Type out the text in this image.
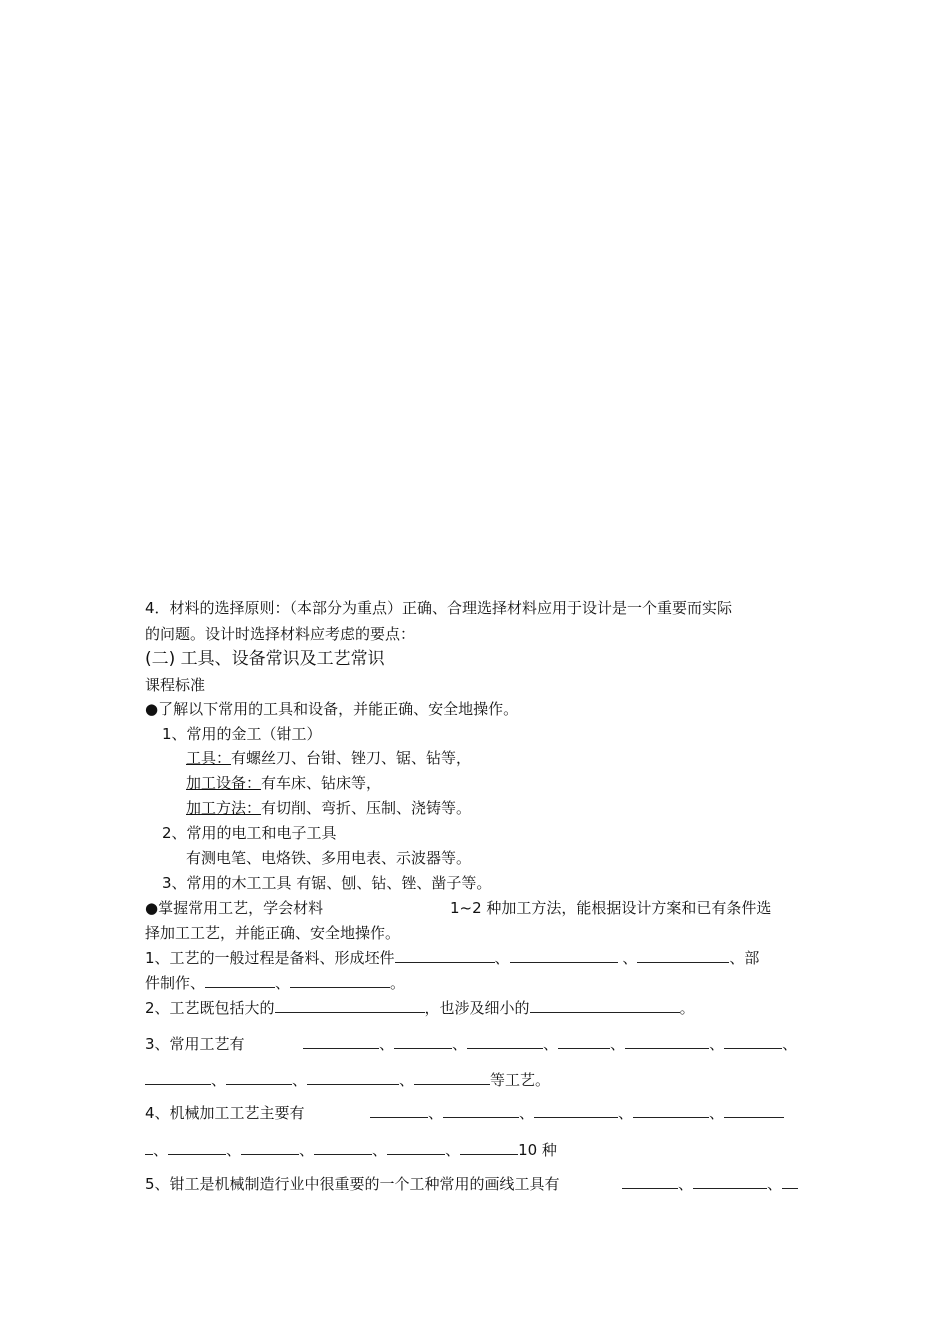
4．材料的选择原则：（本部分为重点）正确、合理选择材料应用于设计是一个重要而实际
的问题。设计时选择材料应考虑的要点：
(二) 工具、设备常识及工艺常识
课程标准
●了解以下常用的工具和设备，并能正确、安全地操作。
1、常用的金工（钳工）
工具：有螺丝刀、台钳、锉刀、锯、钻等，
加工设备：有车床、钻床等，
加工方法：有切削、弯折、压制、浇铸等。
2、常用的电工和电子工具
有测电笔、电烙铁、多用电表、示波器等。
3、常用的木工工具 有锯、刨、钻、锉、凿子等。
●掌握常用工艺，学会材料	1~2 种加工方法，能根据设计方案和已有条件选
择加工工艺，并能正确、安全地操作。
1、工艺的一般过程是备料、形成坯件	、	、	、部
件制作、	、	。
2、工艺既包括大的	，也涉及细小的	。
3、常用工艺有	、	、	、	、	、	、
、	、	、	等工艺。
4、机械加工工艺主要有	、	、	、	、
、	、	、	、	、	10 种
5、钳工是机械制造行业中很重要的一个工种常用的画线工具有	、	、
